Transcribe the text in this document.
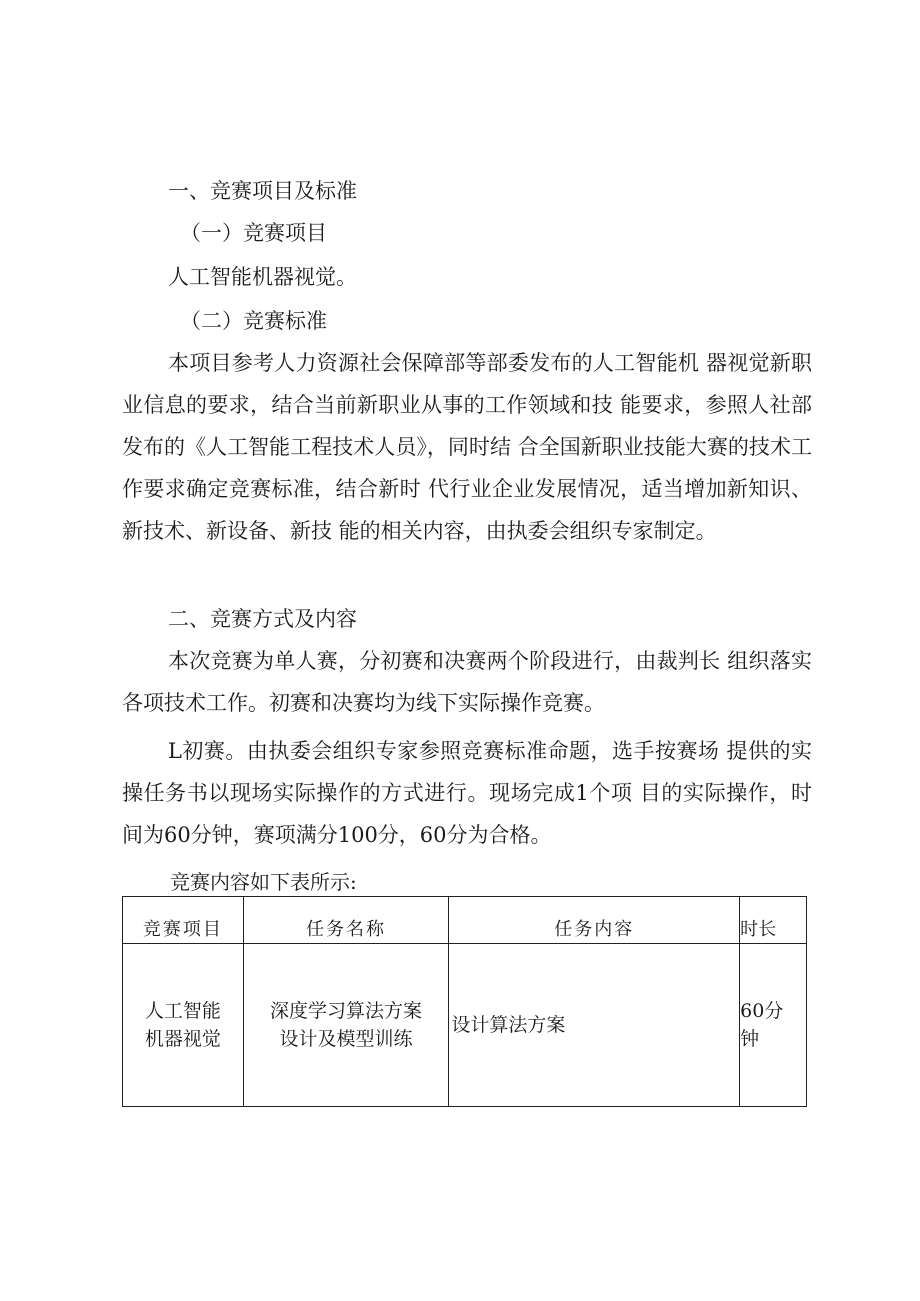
一、竞赛项目及标准

（一）竞赛项目

人工智能机器视觉。

（二）竞赛标准

本项目参考人力资源社会保障部等部委发布的人工智能机 器视觉新职业信息的要求，结合当前新职业从事的工作领域和技 能要求，参照人社部发布的《人工智能工程技术人员》，同时结 合全国新职业技能大赛的技术工作要求确定竞赛标准，结合新时 代行业企业发展情况，适当增加新知识、新技术、新设备、新技 能的相关内容，由执委会组织专家制定。

二、竞赛方式及内容

本次竞赛为单人赛，分初赛和决赛两个阶段进行，由裁判长 组织落实各项技术工作。初赛和决赛均为线下实际操作竞赛。

L初赛。由执委会组织专家参照竞赛标准命题，选手按赛场 提供的实操任务书以现场实际操作的方式进行。现场完成1个项 目的实际操作，时间为60分钟，赛项满分100分，60分为合格。

竞赛内容如下表所示:

竞赛项目	任务名称	任务内容	时长
人工智能机器视觉	深度学习算法方案设计及模型训练	设计算法方案	60分钟
